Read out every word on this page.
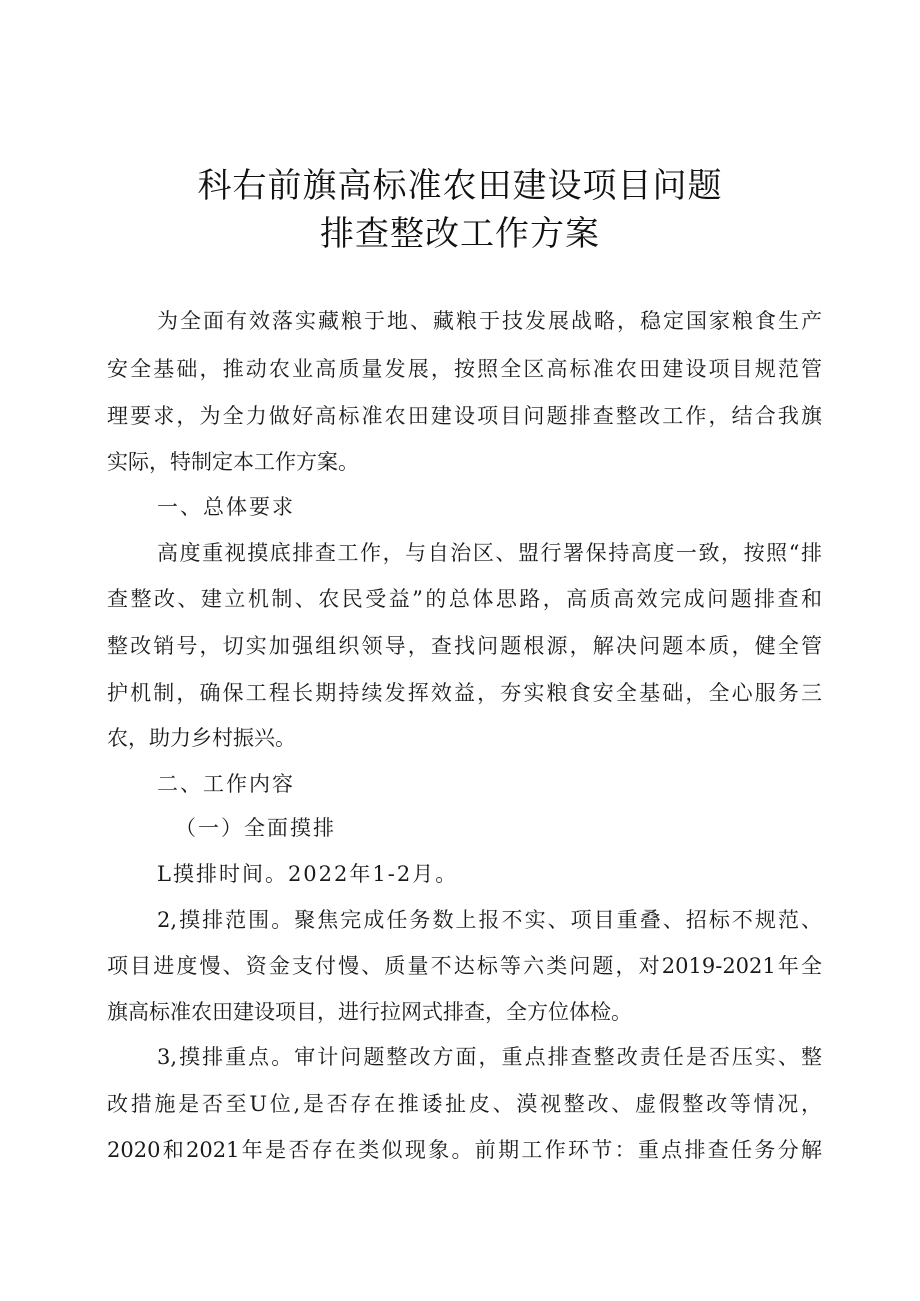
科右前旗高标准农田建设项目问题
排查整改工作方案
为全面有效落实藏粮于地、藏粮于技发展战略，稳定国家粮食生产
安全基础，推动农业高质量发展，按照全区高标准农田建设项目规范管
理要求，为全力做好高标准农田建设项目问题排查整改工作，结合我旗
实际，特制定本工作方案。
一、总体要求
高度重视摸底排查工作，与自治区、盟行署保持高度一致，按照“排
查整改、建立机制、农民受益”的总体思路，高质高效完成问题排查和
整改销号，切实加强组织领导，查找问题根源，解决问题本质，健全管
护机制，确保工程长期持续发挥效益，夯实粮食安全基础，全心服务三
农，助力乡村振兴。
二、工作内容
（一）全面摸排
L摸排时间。2022年1-2月。
2,摸排范围。聚焦完成任务数上报不实、项目重叠、招标不规范、
项目进度慢、资金支付慢、质量不达标等六类问题，对2019-2021年全
旗高标准农田建设项目，进行拉网式排查，全方位体检。
3,摸排重点。审计问题整改方面，重点排查整改责任是否压实、整
改措施是否至U位,是否存在推诿扯皮、漠视整改、虚假整改等情况，
2020和2021年是否存在类似现象。前期工作环节：重点排查任务分解
